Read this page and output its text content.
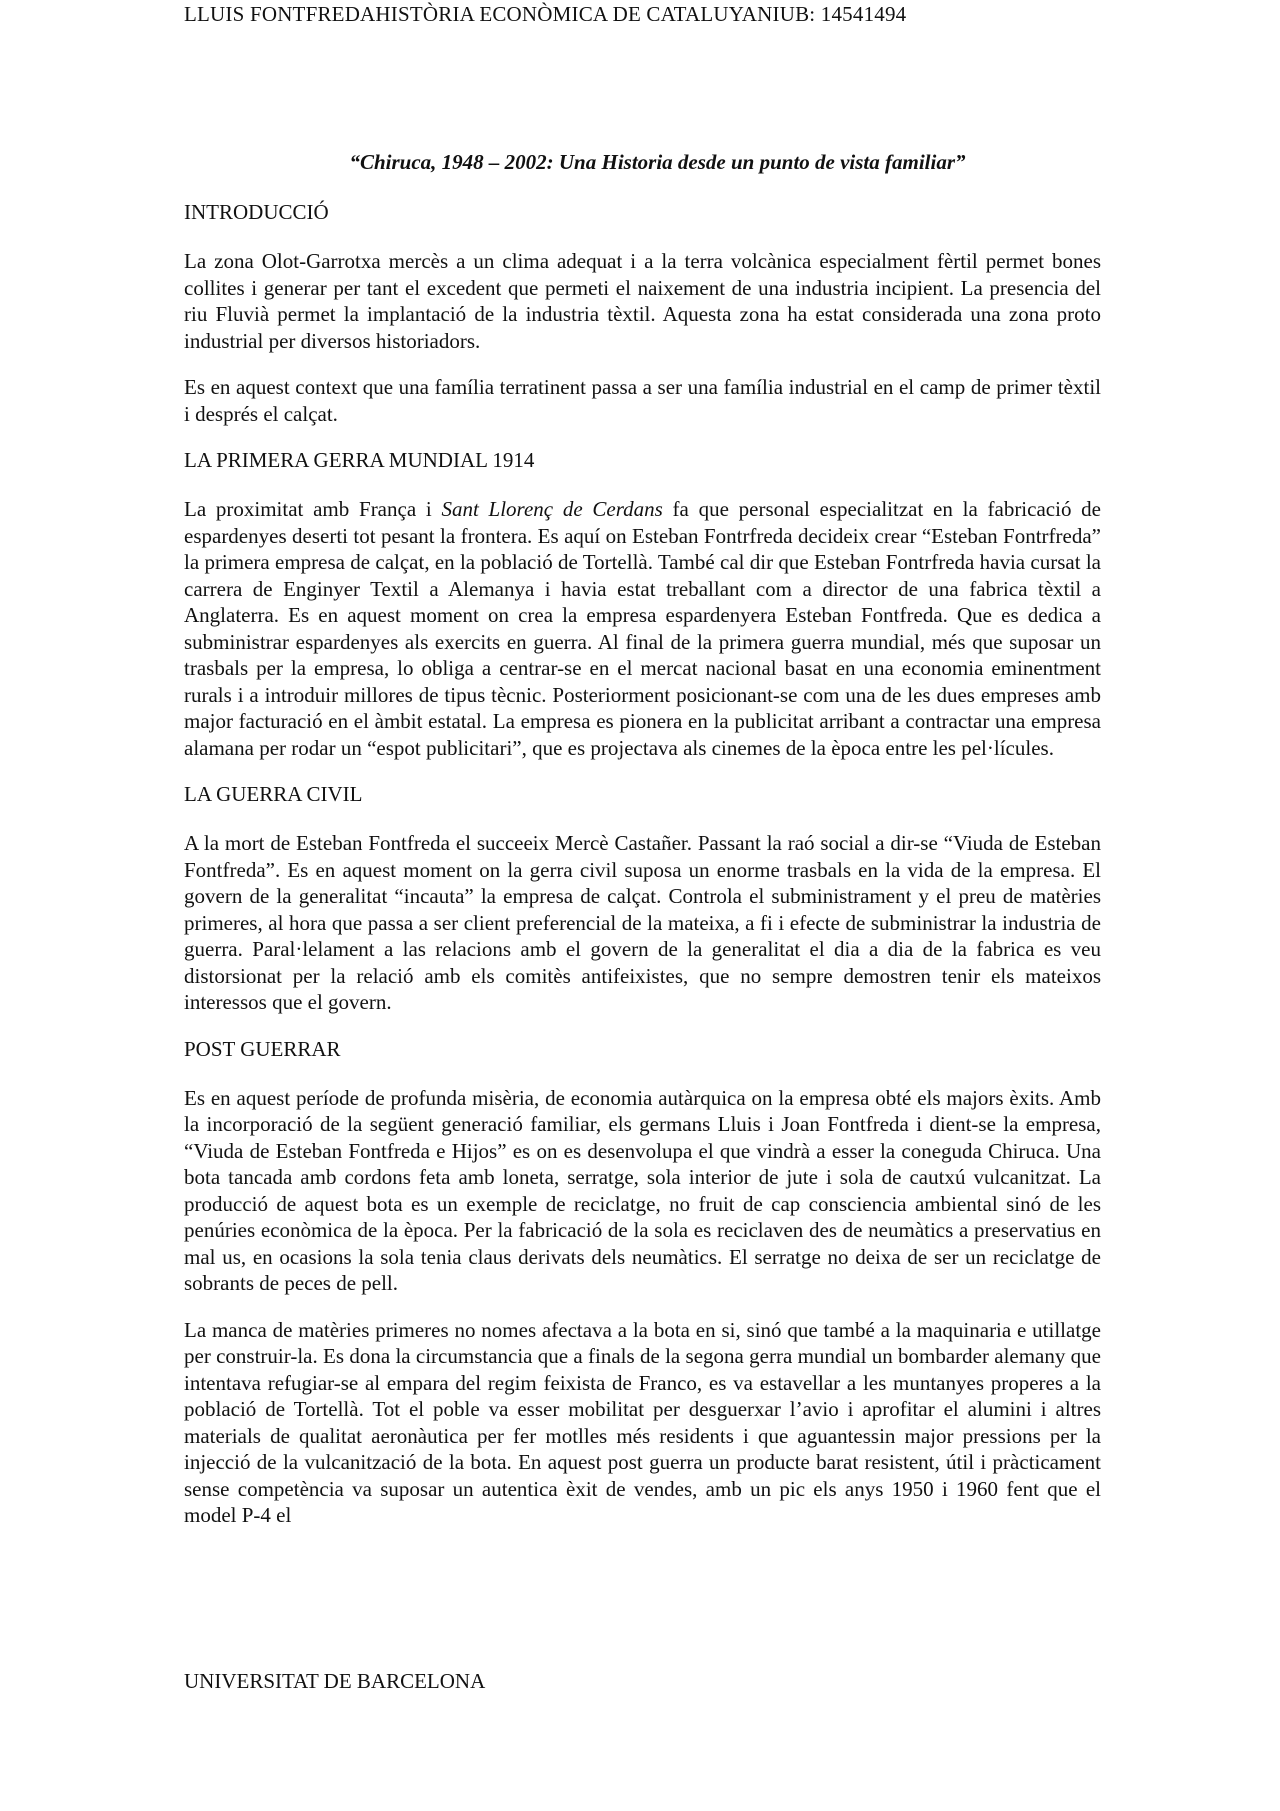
LLUIS FONTFREDAHISTÒRIA ECONÒMICA DE CATALUYANIUB: 14541494
“Chiruca, 1948 – 2002: Una Historia desde un punto de vista familiar”
INTRODUCCIÓ

La zona Olot-Garrotxa mercès a un clima adequat i a la terra volcànica especialment fèrtil permet bones collites i generar per tant el excedent que permeti el naixement de una industria incipient. La presencia del riu Fluvià permet la implantació de la industria tèxtil. Aquesta zona ha estat considerada una zona proto industrial per diversos historiadors.

Es en aquest context que una família terratinent passa a ser una família industrial en el camp de primer tèxtil i després el calçat.

LA PRIMERA GERRA MUNDIAL 1914

La proximitat amb França i Sant Llorenç de Cerdans fa que personal especialitzat en la fabricació de espardenyes deserti tot pesant la frontera. Es aquí on Esteban Fontrfreda decideix crear “Esteban Fontrfreda” la primera empresa de calçat, en la població de Tortellà. També cal dir que Esteban Fontrfreda havia cursat la carrera de Enginyer Textil a Alemanya i havia estat treballant com a director de una fabrica tèxtil a Anglaterra. Es en aquest moment on crea la empresa espardenyera Esteban Fontfreda. Que es dedica a subministrar espardenyes als exercits en guerra. Al final de la primera guerra mundial, més que suposar un trasbals per la empresa, lo obliga a centrar-se en el mercat nacional basat en una economia eminentment rurals i a introduir millores de tipus tècnic. Posteriorment posicionant-se com una de les dues empreses amb major facturació en el àmbit estatal. La empresa es pionera en la publicitat arribant a contractar una empresa alamana per rodar un “espot publicitari”, que es projectava als cinemes de la època entre les pel·lícules.

LA GUERRA CIVIL

A la mort de Esteban Fontfreda el succeeix Mercè Castañer. Passant la raó social a dir-se “Viuda de Esteban Fontfreda”. Es en aquest moment on la gerra civil suposa un enorme trasbals en la vida de la empresa. El govern de la generalitat “incauta” la empresa de calçat. Controla el subministrament y el preu de matèries primeres, al hora que passa a ser client preferencial de la mateixa, a fi i efecte de subministrar la industria de guerra. Paral·lelament a las relacions amb el govern de la generalitat el dia a dia de la fabrica es veu distorsionat per la relació amb els comitès antifeixistes, que no sempre demostren tenir els mateixos interessos que el govern.

POST GUERRAR

Es en aquest període de profunda misèria, de economia autàrquica on la empresa obté els majors èxits. Amb la incorporació de la següent generació familiar, els germans Lluis i Joan Fontfreda i dient-se la empresa, “Viuda de Esteban Fontfreda e Hijos” es on es desenvolupa el que vindrà a esser la coneguda Chiruca. Una bota tancada amb cordons feta amb loneta, serratge, sola interior de jute i sola de cautxú vulcanitzat. La producció de aquest bota es un exemple de reciclatge, no fruit de cap consciencia ambiental sinó de les penúries econòmica de la època. Per la fabricació de la sola es reciclaven des de neumàtics a preservatius en mal us, en ocasions la sola tenia claus derivats dels neumàtics. El serratge no deixa de ser un reciclatge de sobrants de peces de pell.

La manca de matèries primeres no nomes afectava a la bota en si, sinó que també a la maquinaria e utillatge per construir-la. Es dona la circumstancia que a finals de la segona gerra mundial un bombarder alemany que intentava refugiar-se al empara del regim feixista de Franco, es va estavellar a les muntanyes properes a la població de Tortellà. Tot el poble va esser mobilitat per desguerxar l’avio i aprofitar el alumini i altres materials de qualitat aeronàutica per fer motlles més residents i que aguantessin major pressions per la injecció de la vulcanització de la bota. En aquest post guerra un producte barat resistent, útil i pràcticament sense competència va suposar un autentica èxit de vendes, amb un pic els anys 1950 i 1960 fent que el model P-4 el

UNIVERSITAT DE BARCELONA
